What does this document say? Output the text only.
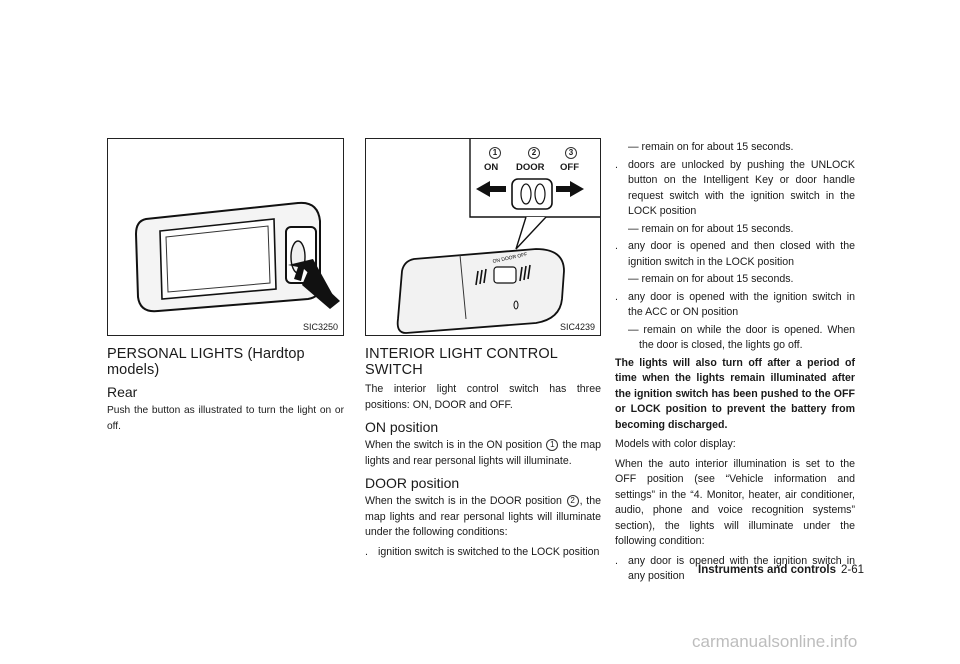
SIC3250
PERSONAL LIGHTS (Hardtop models)
Rear

Push the button as illustrated to turn the light on or off.

ON DOOR OFF
1	2	3
ON DOOR OFF
SIC4239
INTERIOR LIGHT CONTROL SWITCH

The interior light control switch has three positions: ON, DOOR and OFF.

ON position

When the switch is in the ON position 1 the map lights and rear personal lights will illuminate.

DOOR position

When the switch is in the DOOR position 2 , the map lights and rear personal lights will illuminate under the following conditions:

. ignition switch is switched to the LOCK position
— remain on for about 15 seconds.
. doors are unlocked by pushing the UNLOCK button on the Intelligent Key or door handle request switch with the ignition switch in the LOCK position
— remain on for about 15 seconds.
. any door is opened and then closed with the ignition switch in the LOCK position
— remain on for about 15 seconds.
. any door is opened with the ignition switch in the ACC or ON position
— remain on while the door is opened. When the door is closed, the lights go off.

The lights will also turn off after a period of time when the lights remain illuminated after the ignition switch has been pushed to the OFF or LOCK position to prevent the battery from becoming discharged.

Models with color display:

When the auto interior illumination is set to the OFF position (see “Vehicle information and settings” in the “4. Monitor, heater, air conditioner, audio, phone and voice recognition systems” section), the lights will illuminate under the following condition:

. any door is opened with the ignition switch in any position	Instruments and controls 2-61
carmanualsonline.info
